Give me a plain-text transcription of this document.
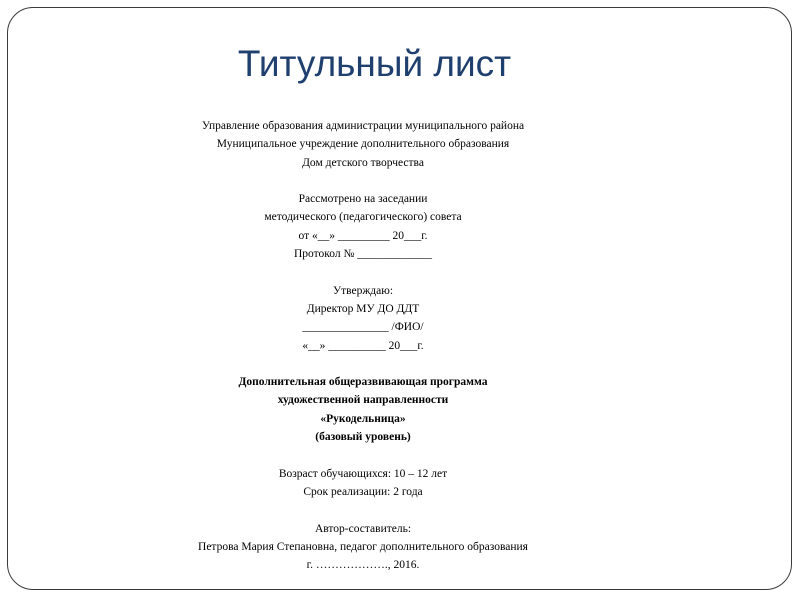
Титульный лист
Управление образования администрации муниципального района
Муниципальное учреждение дополнительного образования
Дом детского творчества
Рассмотрено на заседании
методического (педагогического) совета
от «__» _________ 20___г.
Протокол № _____________
Утверждаю:
Директор МУ ДО ДДТ
_______________ /ФИО/
«__» __________ 20___г.
Дополнительная общеразвивающая программа
художественной направленности
«Рукодельница»
(базовый уровень)
Возраст обучающихся: 10 – 12 лет
Срок реализации: 2 года
Автор-составитель:
Петрова Мария Степановна, педагог дополнительного образования
г. ………………., 2016.
